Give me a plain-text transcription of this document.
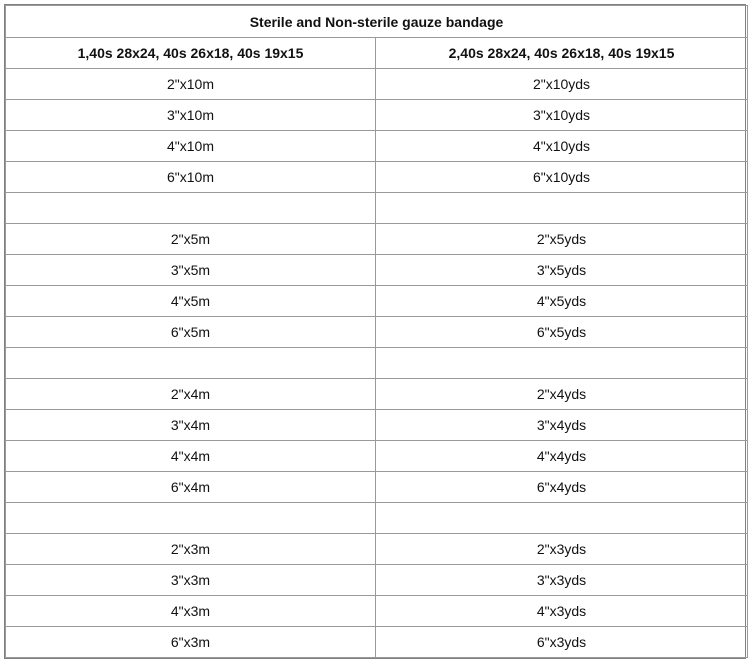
Sterile and Non-sterile gauze bandage	
1,40s 28x24, 40s 26x18, 40s 19x15	2,40s 28x24, 40s 26x18, 40s 19x15
2"x10m	2"x10yds
3"x10m	3"x10yds
4"x10m	4"x10yds
6"x10m	6"x10yds

2"x5m	2"x5yds
3"x5m	3"x5yds
4"x5m	4"x5yds
6"x5m	6"x5yds

2"x4m	2"x4yds
3"x4m	3"x4yds
4"x4m	4"x4yds
6"x4m	6"x4yds

2"x3m	2"x3yds
3"x3m	3"x3yds
4"x3m	4"x3yds
6"x3m	6"x3yds
